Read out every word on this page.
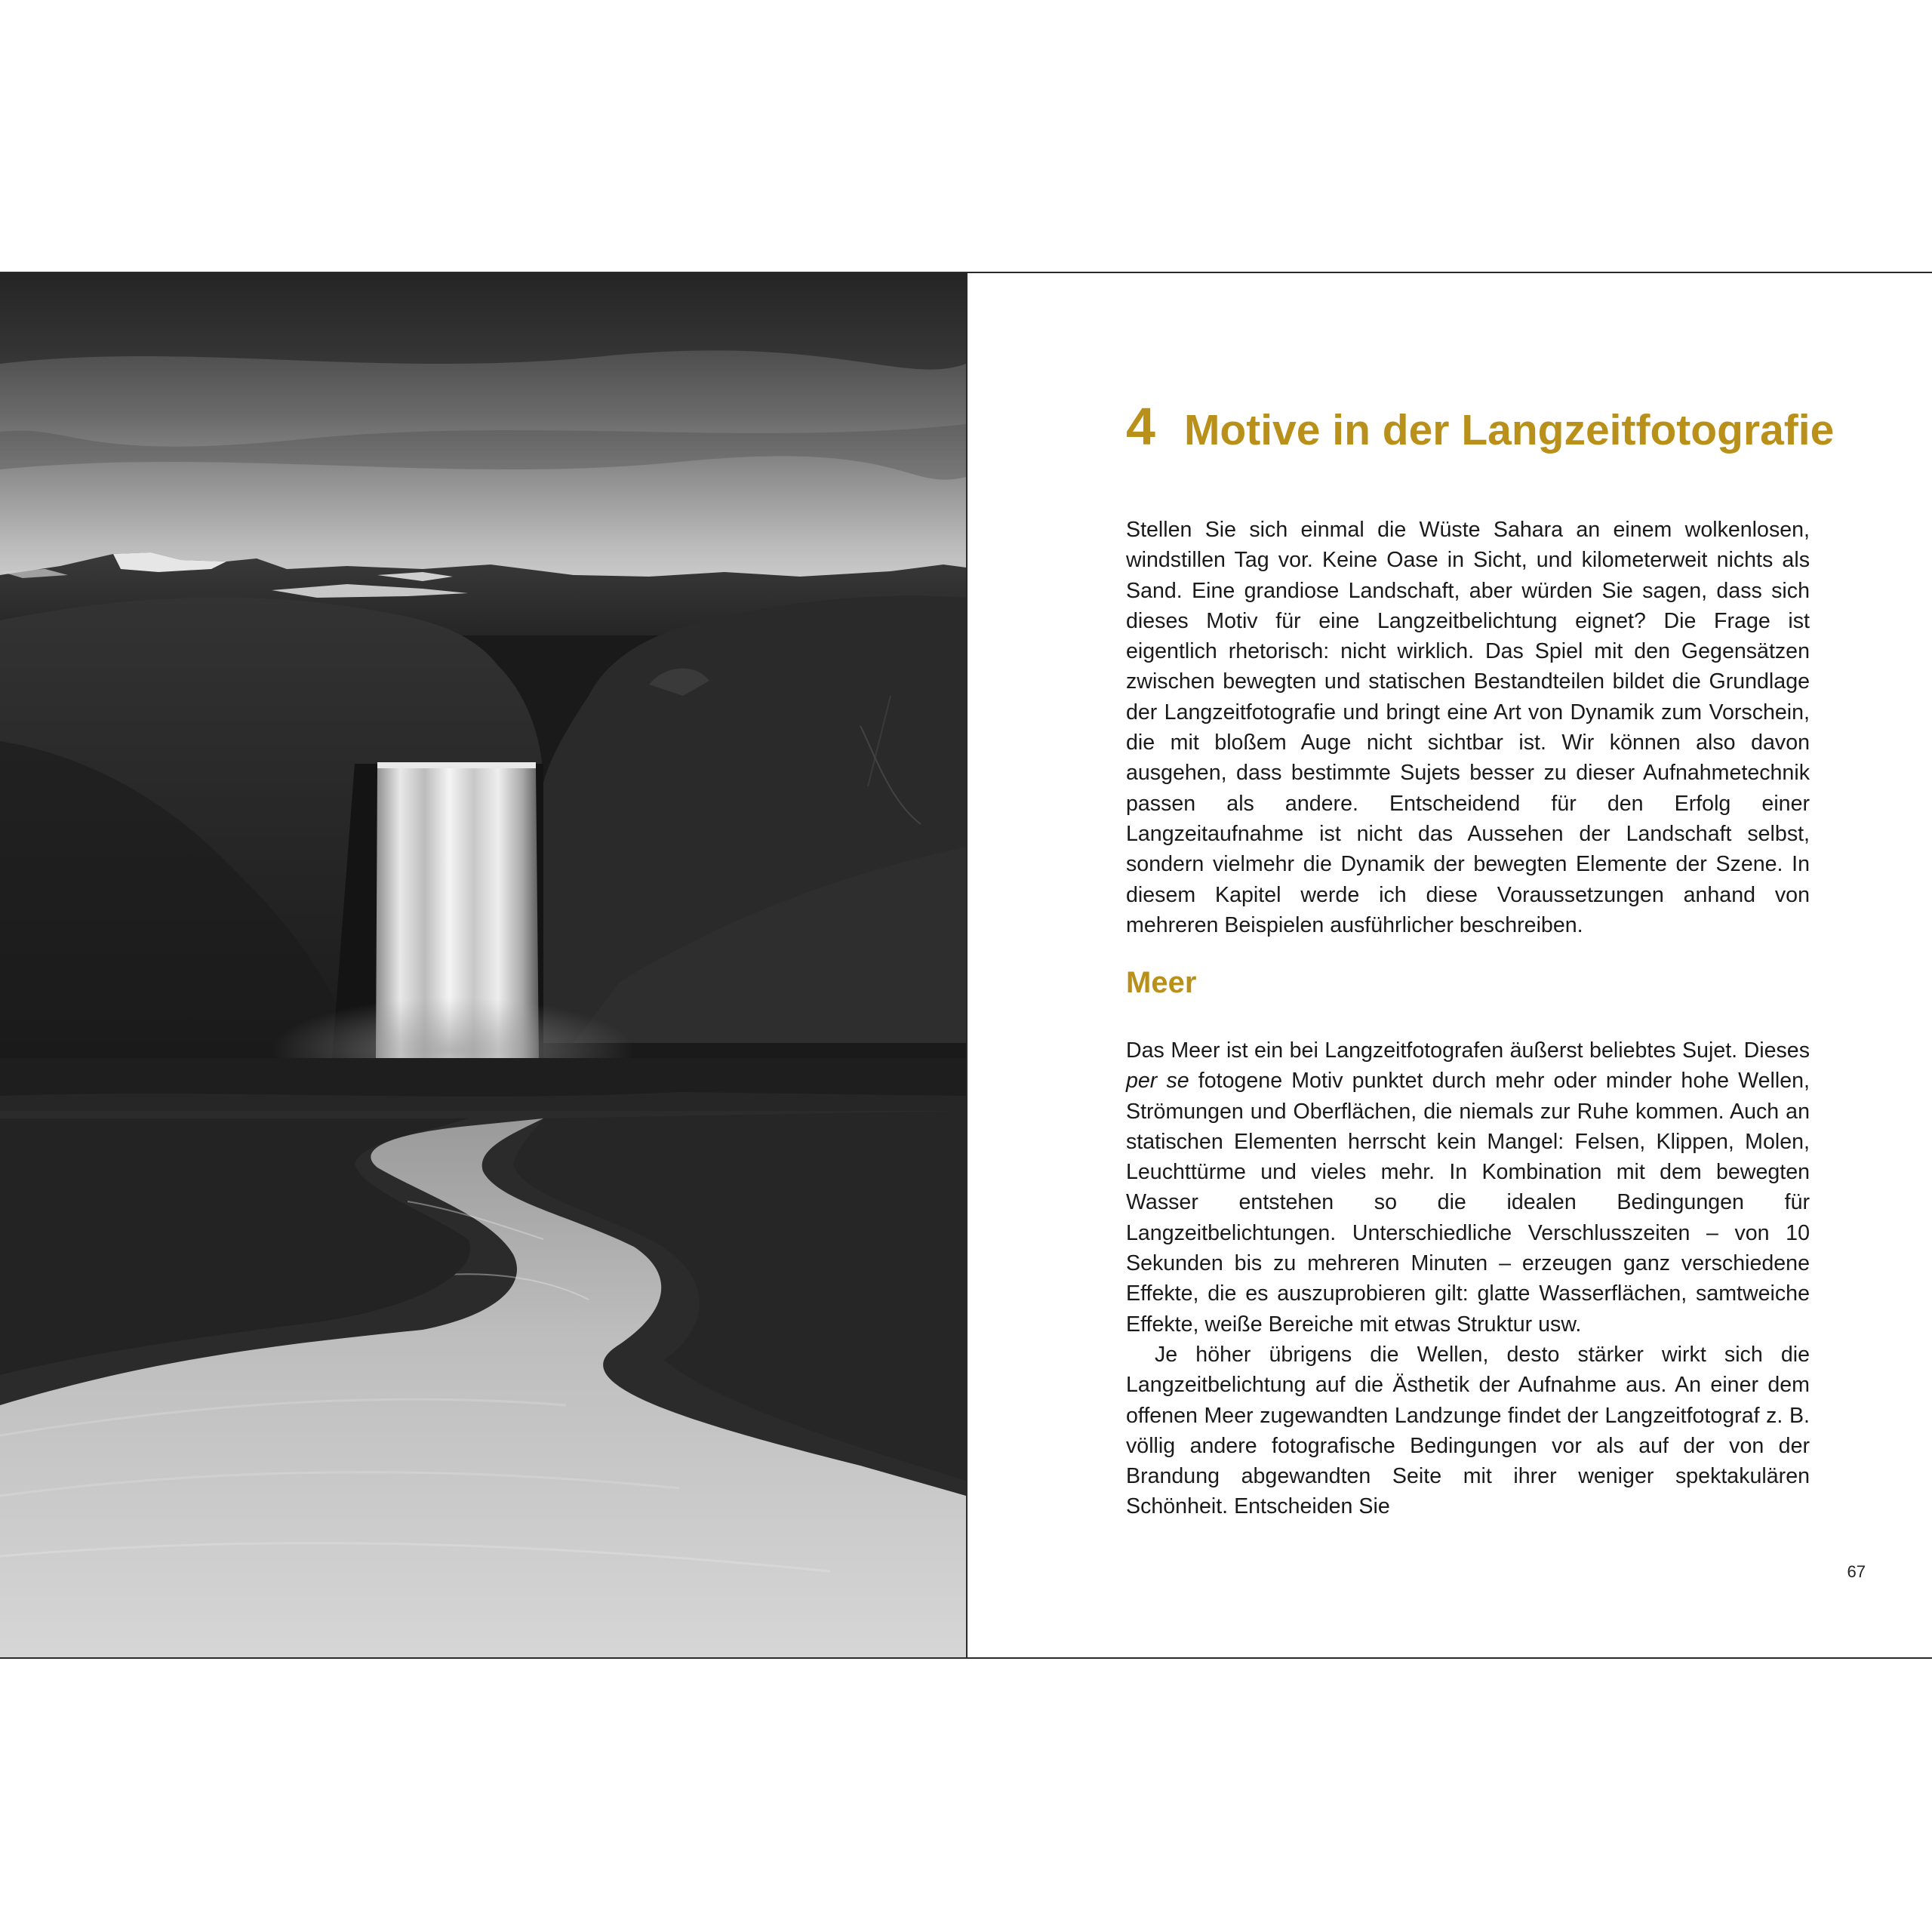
4 Motive in der Langzeitfotografie

Stellen Sie sich einmal die Wüste Sahara an einem wolkenlosen, windstillen Tag vor. Keine Oase in Sicht, und kilometerweit nichts als Sand. Eine grandiose Landschaft, aber würden Sie sagen, dass sich dieses Motiv für eine Langzeitbelichtung eignet? Die Frage ist eigentlich rhetorisch: nicht wirklich. Das Spiel mit den Gegensätzen zwischen bewegten und statischen Bestandteilen bildet die Grundlage der Langzeitfotografie und bringt eine Art von Dynamik zum Vorschein, die mit bloßem Auge nicht sichtbar ist. Wir können also davon ausgehen, dass bestimmte Sujets besser zu dieser Aufnahmetechnik passen als andere. Entscheidend für den Erfolg einer Langzeitaufnahme ist nicht das Aussehen der Landschaft selbst, sondern vielmehr die Dynamik der bewegten Elemente der Szene. In diesem Kapitel werde ich diese Voraussetzungen anhand von mehreren Beispielen ausführlicher beschreiben.

Meer

Das Meer ist ein bei Langzeitfotografen äußerst beliebtes Sujet. Dieses per se fotogene Motiv punktet durch mehr oder minder hohe Wellen, Strömungen und Oberflächen, die niemals zur Ruhe kommen. Auch an statischen Elementen herrscht kein Mangel: Felsen, Klippen, Molen, Leuchttürme und vieles mehr. In Kombination mit dem bewegten Wasser entstehen so die idealen Bedingungen für Langzeitbelichtungen. Unterschiedliche Verschlusszeiten – von 10 Sekunden bis zu mehreren Minuten – erzeugen ganz verschiedene Effekte, die es auszuprobieren gilt: glatte Wasserflächen, samtweiche Effekte, weiße Bereiche mit etwas Struktur usw.

Je höher übrigens die Wellen, desto stärker wirkt sich die Langzeitbelichtung auf die Ästhetik der Aufnahme aus. An einer dem offenen Meer zugewandten Landzunge findet der Langzeitfotograf z. B. völlig andere fotografische Bedingungen vor als auf der von der Brandung abgewandten Seite mit ihrer weniger spektakulären Schönheit. Entscheiden Sie

67
